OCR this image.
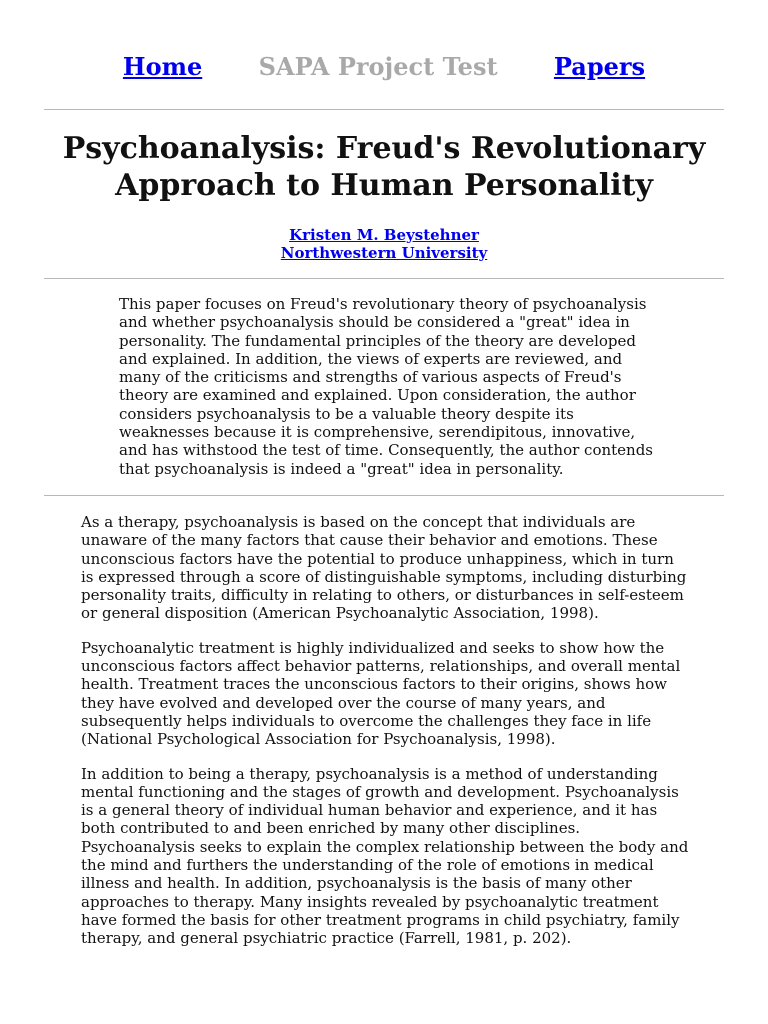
Home SAPA Project Test Papers
Psychoanalysis: Freud's Revolutionary Approach to Human Personality
Kristen M. Beystehner
Northwestern University

This paper focuses on Freud's revolutionary theory of psychoanalysis and whether psychoanalysis should be considered a "great" idea in personality. The fundamental principles of the theory are developed and explained. In addition, the views of experts are reviewed, and many of the criticisms and strengths of various aspects of Freud's theory are examined and explained. Upon consideration, the author considers psychoanalysis to be a valuable theory despite its weaknesses because it is comprehensive, serendipitous, innovative, and has withstood the test of time. Consequently, the author contends that psychoanalysis is indeed a "great" idea in personality.

As a therapy, psychoanalysis is based on the concept that individuals are unaware of the many factors that cause their behavior and emotions. These unconscious factors have the potential to produce unhappiness, which in turn is expressed through a score of distinguishable symptoms, including disturbing personality traits, difficulty in relating to others, or disturbances in self-esteem or general disposition (American Psychoanalytic Association, 1998).

Psychoanalytic treatment is highly individualized and seeks to show how the unconscious factors affect behavior patterns, relationships, and overall mental health. Treatment traces the unconscious factors to their origins, shows how they have evolved and developed over the course of many years, and subsequently helps individuals to overcome the challenges they face in life (National Psychological Association for Psychoanalysis, 1998).

In addition to being a therapy, psychoanalysis is a method of understanding mental functioning and the stages of growth and development. Psychoanalysis is a general theory of individual human behavior and experience, and it has both contributed to and been enriched by many other disciplines. Psychoanalysis seeks to explain the complex relationship between the body and the mind and furthers the understanding of the role of emotions in medical illness and health. In addition, psychoanalysis is the basis of many other approaches to therapy. Many insights revealed by psychoanalytic treatment have formed the basis for other treatment programs in child psychiatry, family therapy, and general psychiatric practice (Farrell, 1981, p. 202).
